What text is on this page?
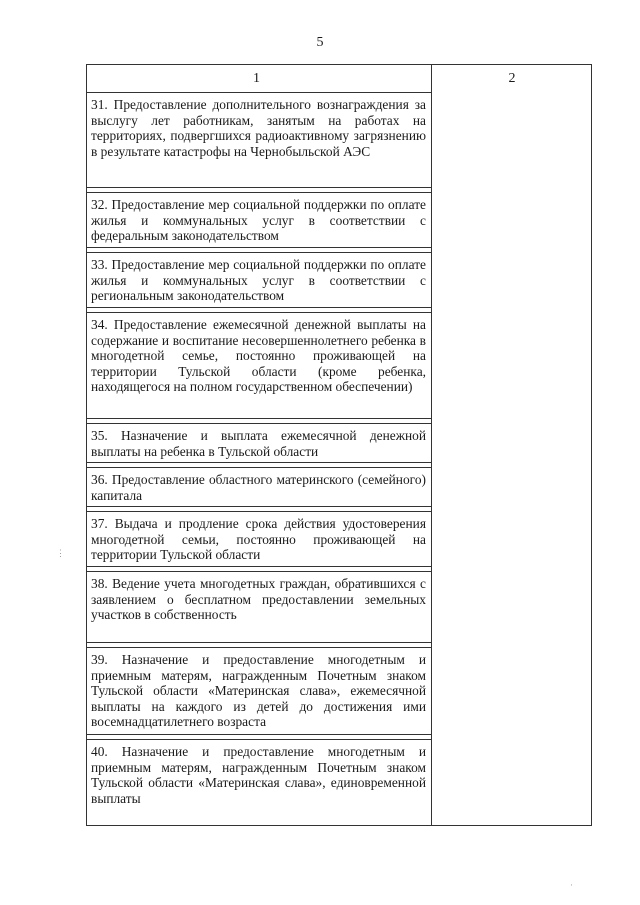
5
1	2
31. Предоставление дополнительного вознаграждения за выслугу лет работникам, занятым на работах на территориях, подвергшихся радиоактивному загрязнению в результате катастрофы на Чернобыльской АЭС
32. Предоставление мер социальной поддержки по оплате жилья и коммунальных услуг в соответствии с федеральным законодательством
33. Предоставление мер социальной поддержки по оплате жилья и коммунальных услуг в соответствии с региональным законодательством
34. Предоставление ежемесячной денежной выплаты на содержание и воспитание несовершеннолетнего ребенка в многодетной семье, постоянно проживающей на территории Тульской области (кроме ребенка, находящегося на полном государственном обеспечении)
35. Назначение и выплата ежемесячной денежной выплаты на ребенка в Тульской области
36. Предоставление областного материнского (семейного) капитала
37. Выдача и продление срока действия удостоверения многодетной семьи, постоянно проживающей на территории Тульской области
38. Ведение учета многодетных граждан, обратившихся с заявлением о бесплатном предоставлении земельных участков в собственность
39. Назначение и предоставление многодетным и приемным матерям, награжденным Почетным знаком Тульской области «Материнская слава», ежемесячной выплаты на каждого из детей до достижения ими восемнадцатилетнего возраста
40. Назначение и предоставление многодетным и приемным матерям, награжденным Почетным знаком Тульской области «Материнская слава», единовременной выплаты
⋮
·
